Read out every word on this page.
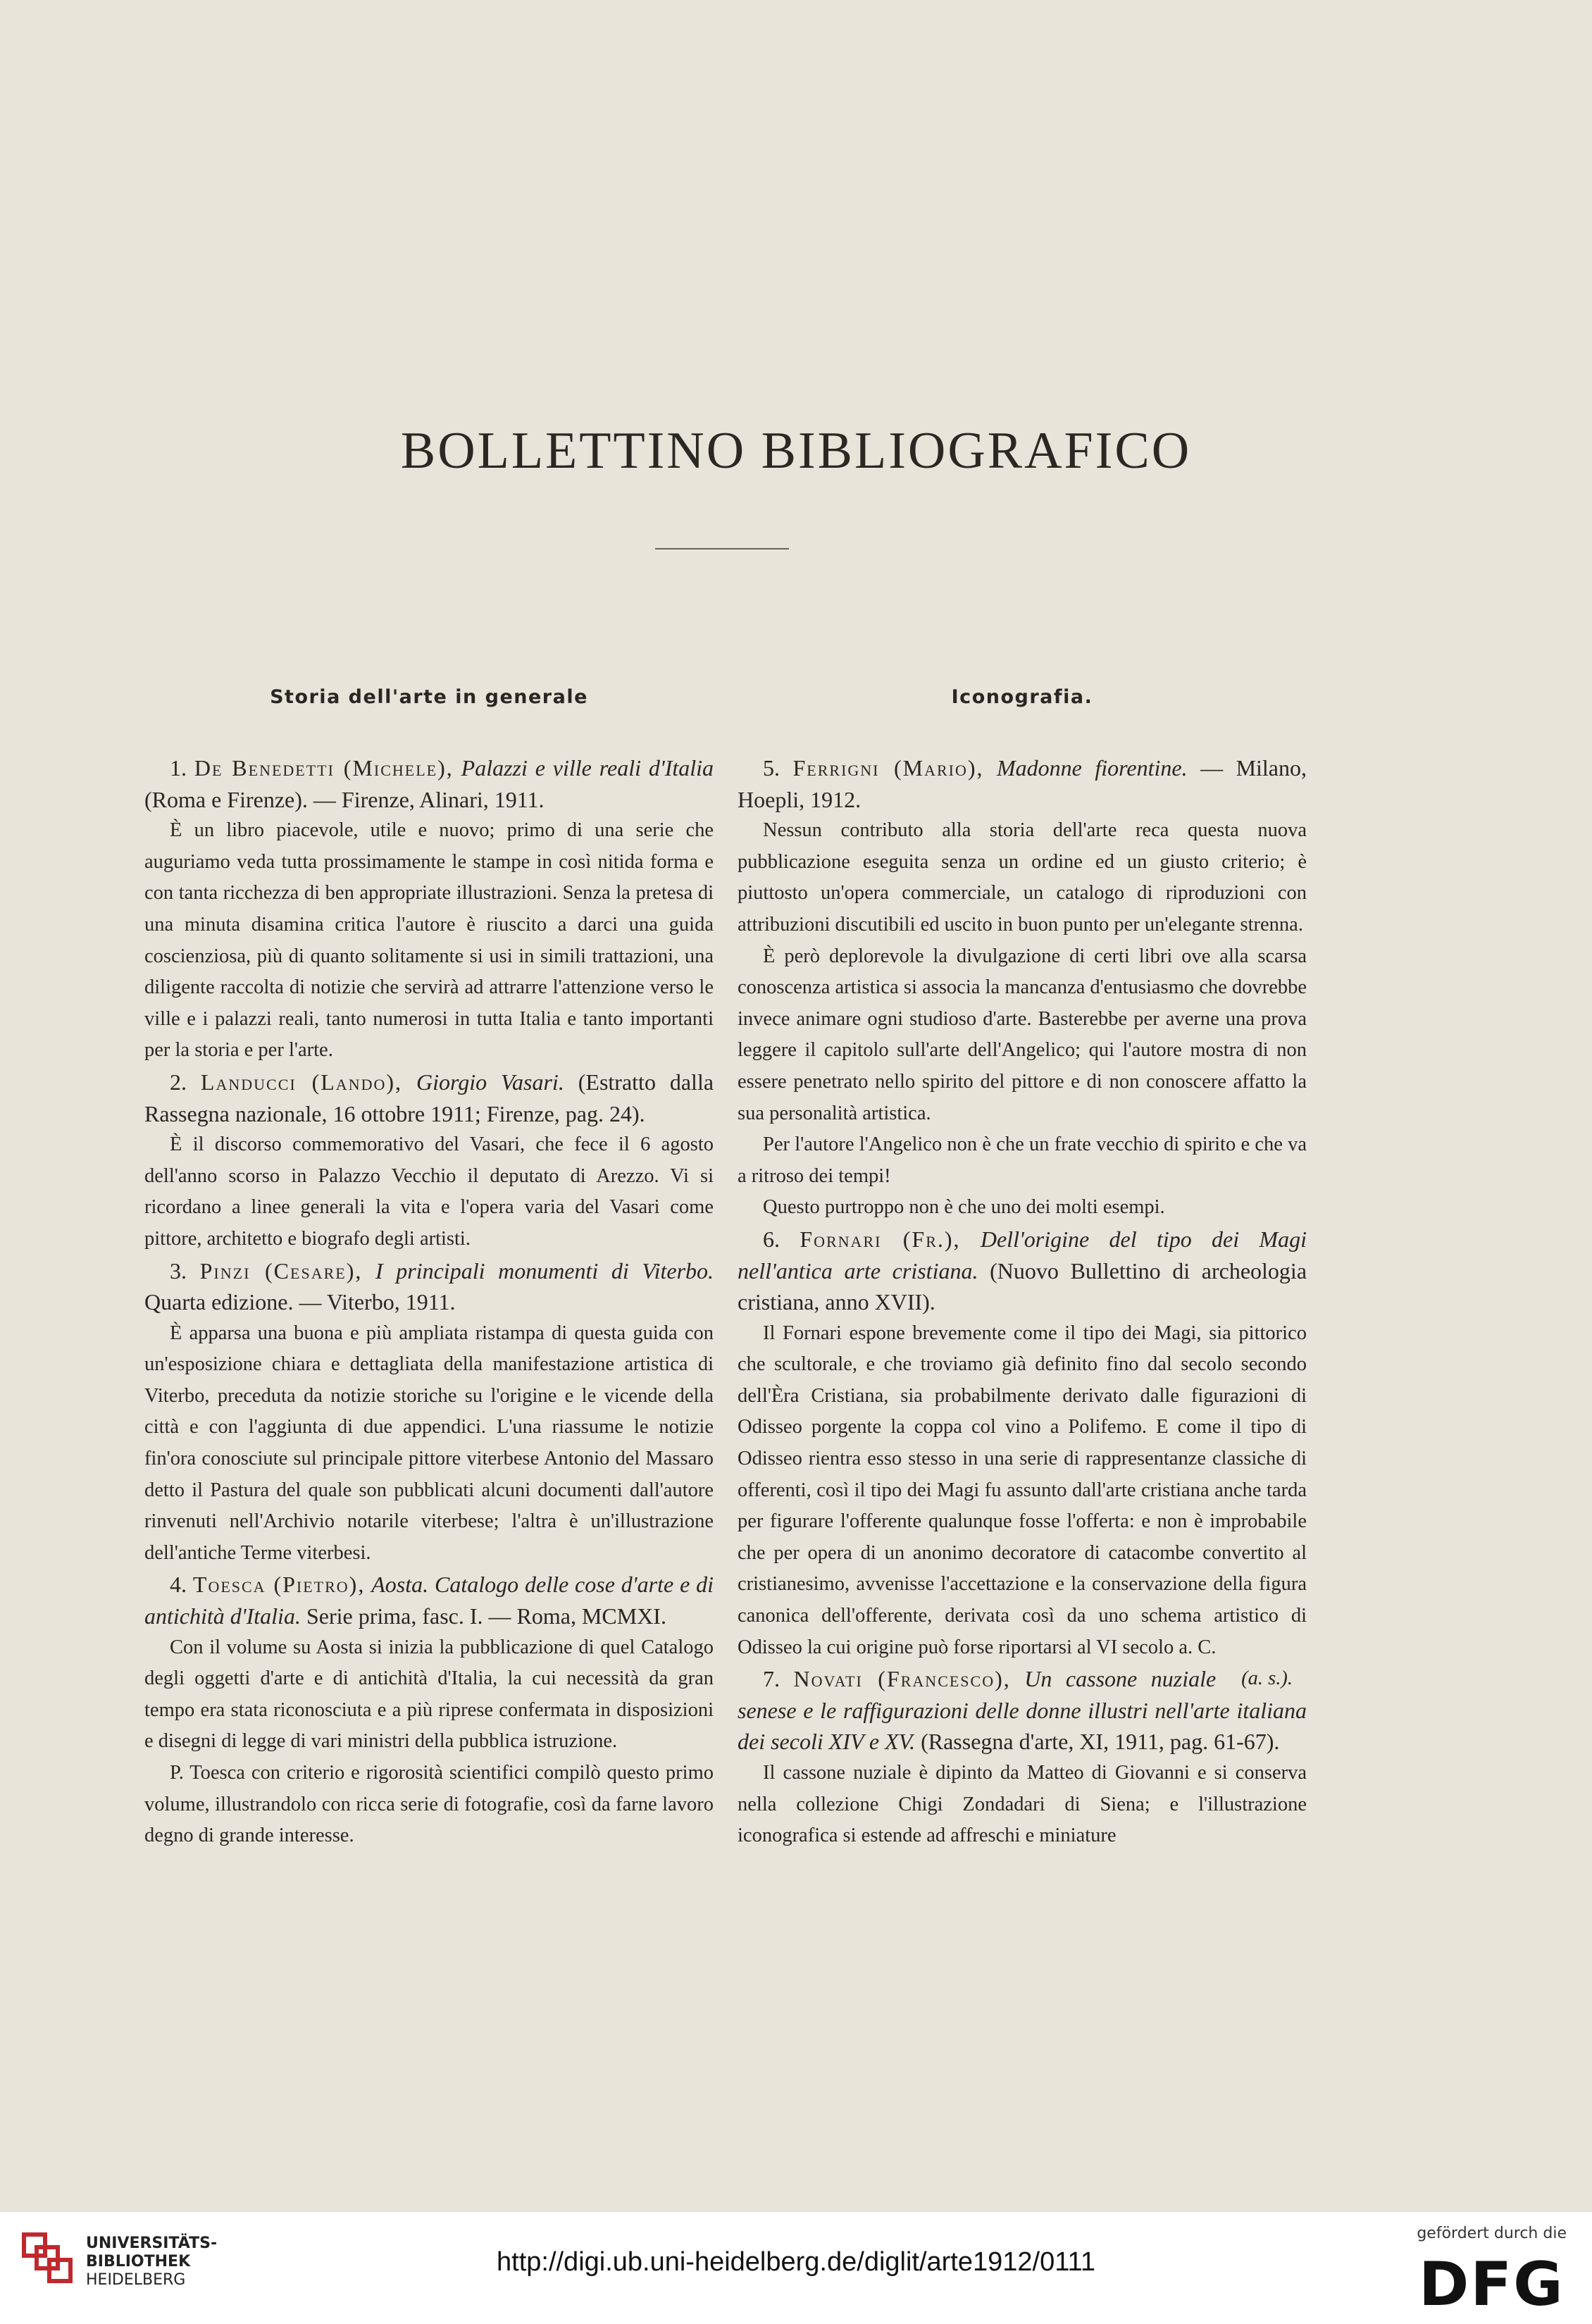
BOLLETTINO BIBLIOGRAFICO
Storia dell'arte in generale

1. De Benedetti (Michele), Palazzi e ville reali d'Italia (Roma e Firenze). — Firenze, Alinari, 1911.

È un libro piacevole, utile e nuovo; primo di una serie che auguriamo veda tutta prossimamente le stampe in così nitida forma e con tanta ricchezza di ben appropriate illustrazioni. Senza la pretesa di una minuta disamina critica l'autore è riuscito a darci una guida coscienziosa, più di quanto solitamente si usi in simili trattazioni, una diligente raccolta di notizie che servirà ad attrarre l'attenzione verso le ville e i palazzi reali, tanto numerosi in tutta Italia e tanto importanti per la storia e per l'arte.

2. Landucci (Lando), Giorgio Vasari. (Estratto dalla Rassegna nazionale, 16 ottobre 1911; Firenze, pag. 24).

È il discorso commemorativo del Vasari, che fece il 6 agosto dell'anno scorso in Palazzo Vecchio il deputato di Arezzo. Vi si ricordano a linee generali la vita e l'opera varia del Vasari come pittore, architetto e biografo degli artisti.

3. Pinzi (Cesare), I principali monumenti di Viterbo. Quarta edizione. — Viterbo, 1911.

È apparsa una buona e più ampliata ristampa di questa guida con un'esposizione chiara e dettagliata della manifestazione artistica di Viterbo, preceduta da notizie storiche su l'origine e le vicende della città e con l'aggiunta di due appendici. L'una riassume le notizie fin'ora conosciute sul principale pittore viterbese Antonio del Massaro detto il Pastura del quale son pubblicati alcuni documenti dall'autore rinvenuti nell'Archivio notarile viterbese; l'altra è un'illustrazione dell'antiche Terme viterbesi.

4. Toesca (Pietro), Aosta. Catalogo delle cose d'arte e di antichità d'Italia. Serie prima, fasc. I. — Roma, MCMXI.

Con il volume su Aosta si inizia la pubblicazione di quel Catalogo degli oggetti d'arte e di antichità d'Italia, la cui necessità da gran tempo era stata riconosciuta e a più riprese confermata in disposizioni e disegni di legge di vari ministri della pubblica istruzione.

P. Toesca con criterio e rigorosità scientifici compilò questo primo volume, illustrandolo con ricca serie di fotografie, così da farne lavoro degno di grande interesse.

Iconografia.

5. Ferrigni (Mario), Madonne fiorentine. — Milano, Hoepli, 1912.

Nessun contributo alla storia dell'arte reca questa nuova pubblicazione eseguita senza un ordine ed un giusto criterio; è piuttosto un'opera commerciale, un catalogo di riproduzioni con attribuzioni discutibili ed uscito in buon punto per un'elegante strenna.

È però deplorevole la divulgazione di certi libri ove alla scarsa conoscenza artistica si associa la mancanza d'entusiasmo che dovrebbe invece animare ogni studioso d'arte. Basterebbe per averne una prova leggere il capitolo sull'arte dell'Angelico; qui l'autore mostra di non essere penetrato nello spirito del pittore e di non conoscere affatto la sua personalità artistica.

Per l'autore l'Angelico non è che un frate vecchio di spirito e che va a ritroso dei tempi!

Questo purtroppo non è che uno dei molti esempi.

6. Fornari (Fr.), Dell'origine del tipo dei Magi nell'antica arte cristiana. (Nuovo Bullettino di archeologia cristiana, anno XVII).

Il Fornari espone brevemente come il tipo dei Magi, sia pittorico che scultorale, e che troviamo già definito fino dal secolo secondo dell'Èra Cristiana, sia probabilmente derivato dalle figurazioni di Odisseo porgente la coppa col vino a Polifemo. E come il tipo di Odisseo rientra esso stesso in una serie di rappresentanze classiche di offerenti, così il tipo dei Magi fu assunto dall'arte cristiana anche tarda per figurare l'offerente qualunque fosse l'offerta: e non è improbabile che per opera di un anonimo decoratore di catacombe convertito al cristianesimo, avvenisse l'accettazione e la conservazione della figura canonica dell'offerente, derivata così da uno schema artistico di Odisseo la cui origine può forse riportarsi al VI secolo a. C.
(a. s.).

7. Novati (Francesco), Un cassone nuziale senese e le raffigurazioni delle donne illustri nell'arte italiana dei secoli XIV e XV. (Rassegna d'arte, XI, 1911, pag. 61-67).

Il cassone nuziale è dipinto da Matteo di Giovanni e si conserva nella collezione Chigi Zondadari di Siena; e l'illustrazione iconografica si estende ad affreschi e miniature

UNIVERSITÄTS-
BIBLIOTHEK
HEIDELBERG
http://digi.ub.uni-heidelberg.de/diglit/arte1912/0111
gefördert durch die
DFG
